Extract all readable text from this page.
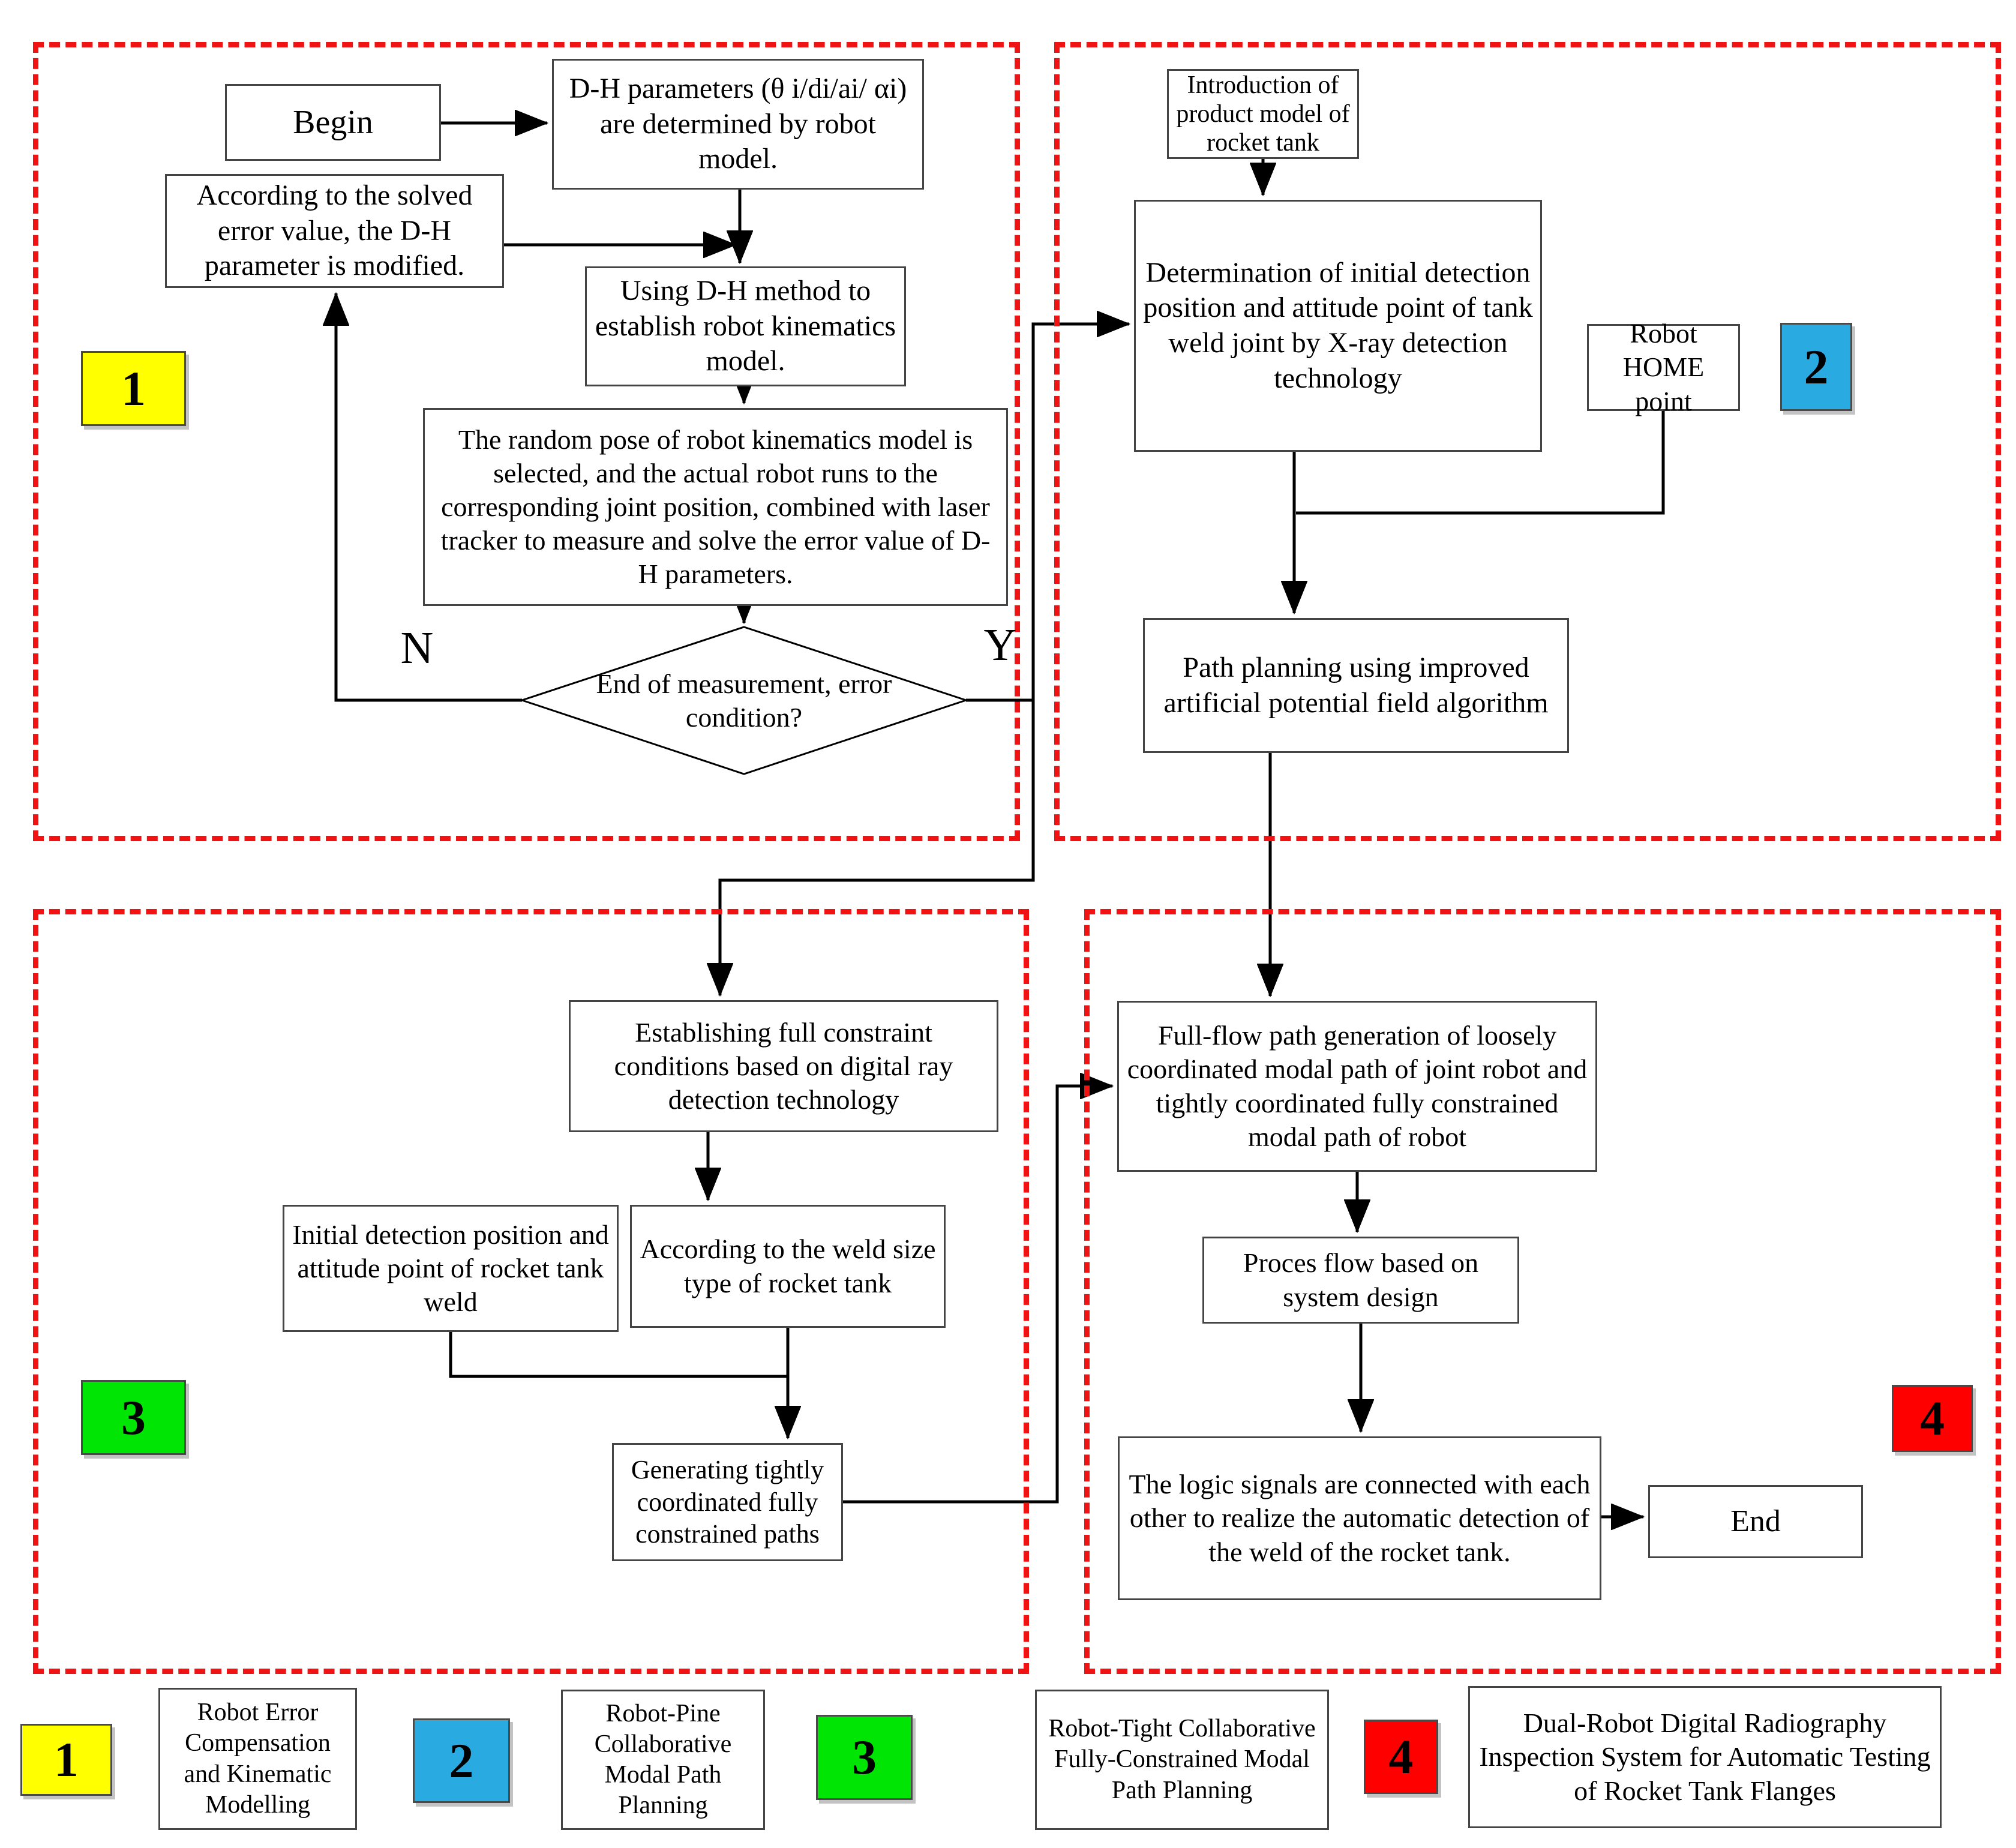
1
Begin
D-H parameters (θ i/di/ai/ αi) are determined by robot model.
According to the solved error value, the D-H parameter is modified.
Using D-H method to establish robot kinematics model.
The random pose of robot kinematics model is selected, and the actual robot runs to the corresponding joint position, combined with laser tracker to measure and solve the error value of D-H parameters.
End of measurement, error condition?
N	Y
2
Introduction of product model of rocket tank
Determination of initial detection position and attitude point of tank weld joint by X-ray detection technology
Robot HOME point
Path planning using improved artificial potential field algorithm
3
Establishing full constraint conditions based on digital ray detection technology
Initial detection position and attitude point of rocket tank weld
According to the weld size type of rocket tank
Generating tightly coordinated fully constrained paths
4
Full-flow path generation of loosely coordinated modal path of joint robot and tightly coordinated fully constrained modal path of robot
Proces flow based on system design
The logic signals are connected with each other to realize the automatic detection of the weld of the rocket tank.
End
1
Robot Error Compensation and Kinematic Modelling
2
Robot-Pine Collaborative Modal Path Planning
3
Robot-Tight Collaborative Fully-Constrained Modal Path Planning
4
Dual-Robot Digital Radiography Inspection System for Automatic Testing of Rocket Tank Flanges
